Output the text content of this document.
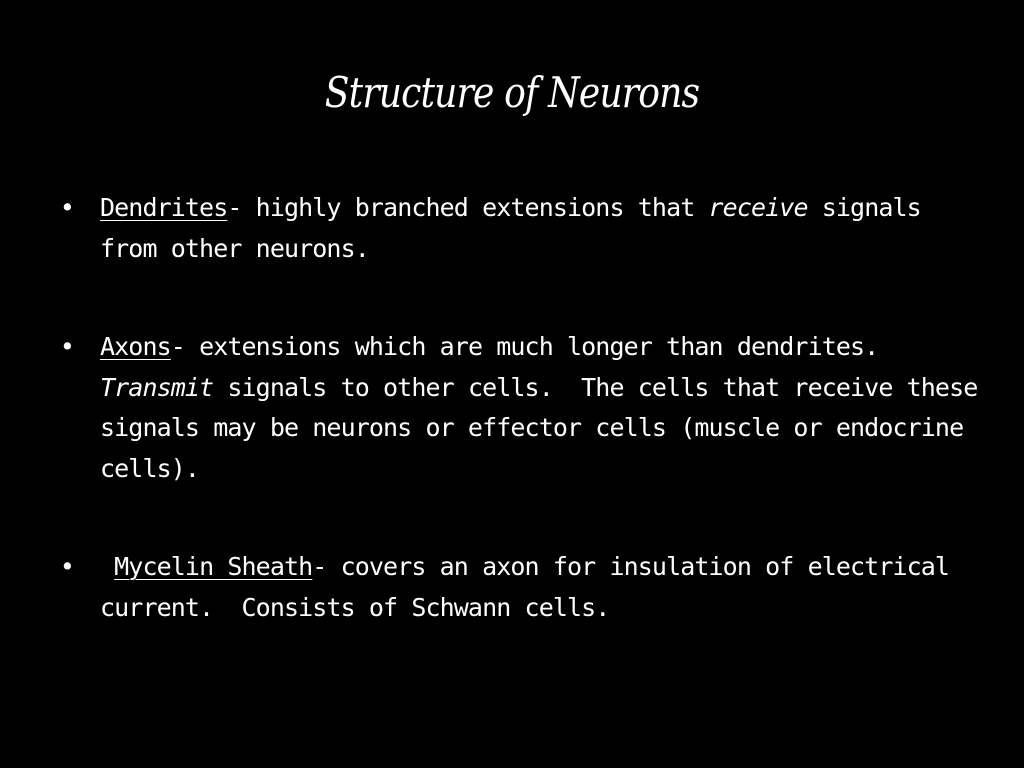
Structure of Neurons
• Dendrites- highly branched extensions that receive signals from other neurons.
• Axons- extensions which are much longer than dendrites.  Transmit signals to other cells.  The cells that receive these signals may be neurons or effector cells (muscle or endocrine cells).
• Mycelin Sheath- covers an axon for insulation of electrical current.  Consists of Schwann cells.
